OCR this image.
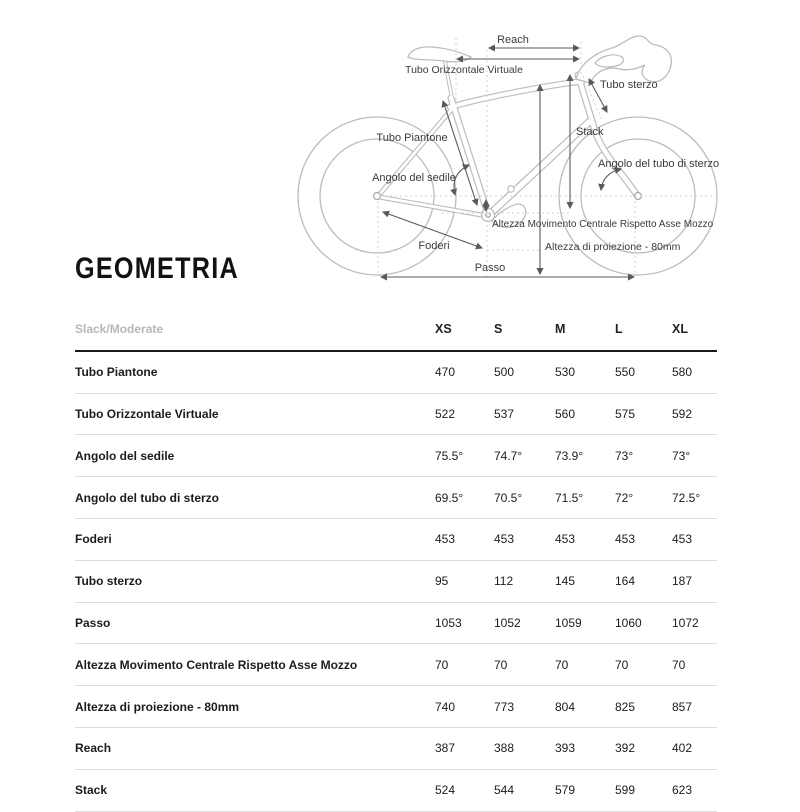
Reach
Tubo Orizzontale Virtuale
Tubo sterzo
Tubo Piantone	Stack
Angolo del sedile
Angolo del tubo di sterzo
Altezza Movimento Centrale Rispetto Asse Mozzo
Altezza di proiezione - 80mm
Foderi
Passo
GEOMETRIA
Slack/Moderate	XS	S	M	L	XL
Tubo Piantone	470	500	530	550	580
Tubo Orizzontale Virtuale	522	537	560	575	592
Angolo del sedile	75.5°	74.7°	73.9°	73°	73°
Angolo del tubo di sterzo	69.5°	70.5°	71.5°	72°	72.5°
Foderi	453	453	453	453	453
Tubo sterzo	95	112	145	164	187
Passo	1053	1052	1059	1060	1072
Altezza Movimento Centrale Rispetto Asse Mozzo	70	70	70	70	70
Altezza di proiezione - 80mm	740	773	804	825	857
Reach	387	388	393	392	402
Stack	524	544	579	599	623
